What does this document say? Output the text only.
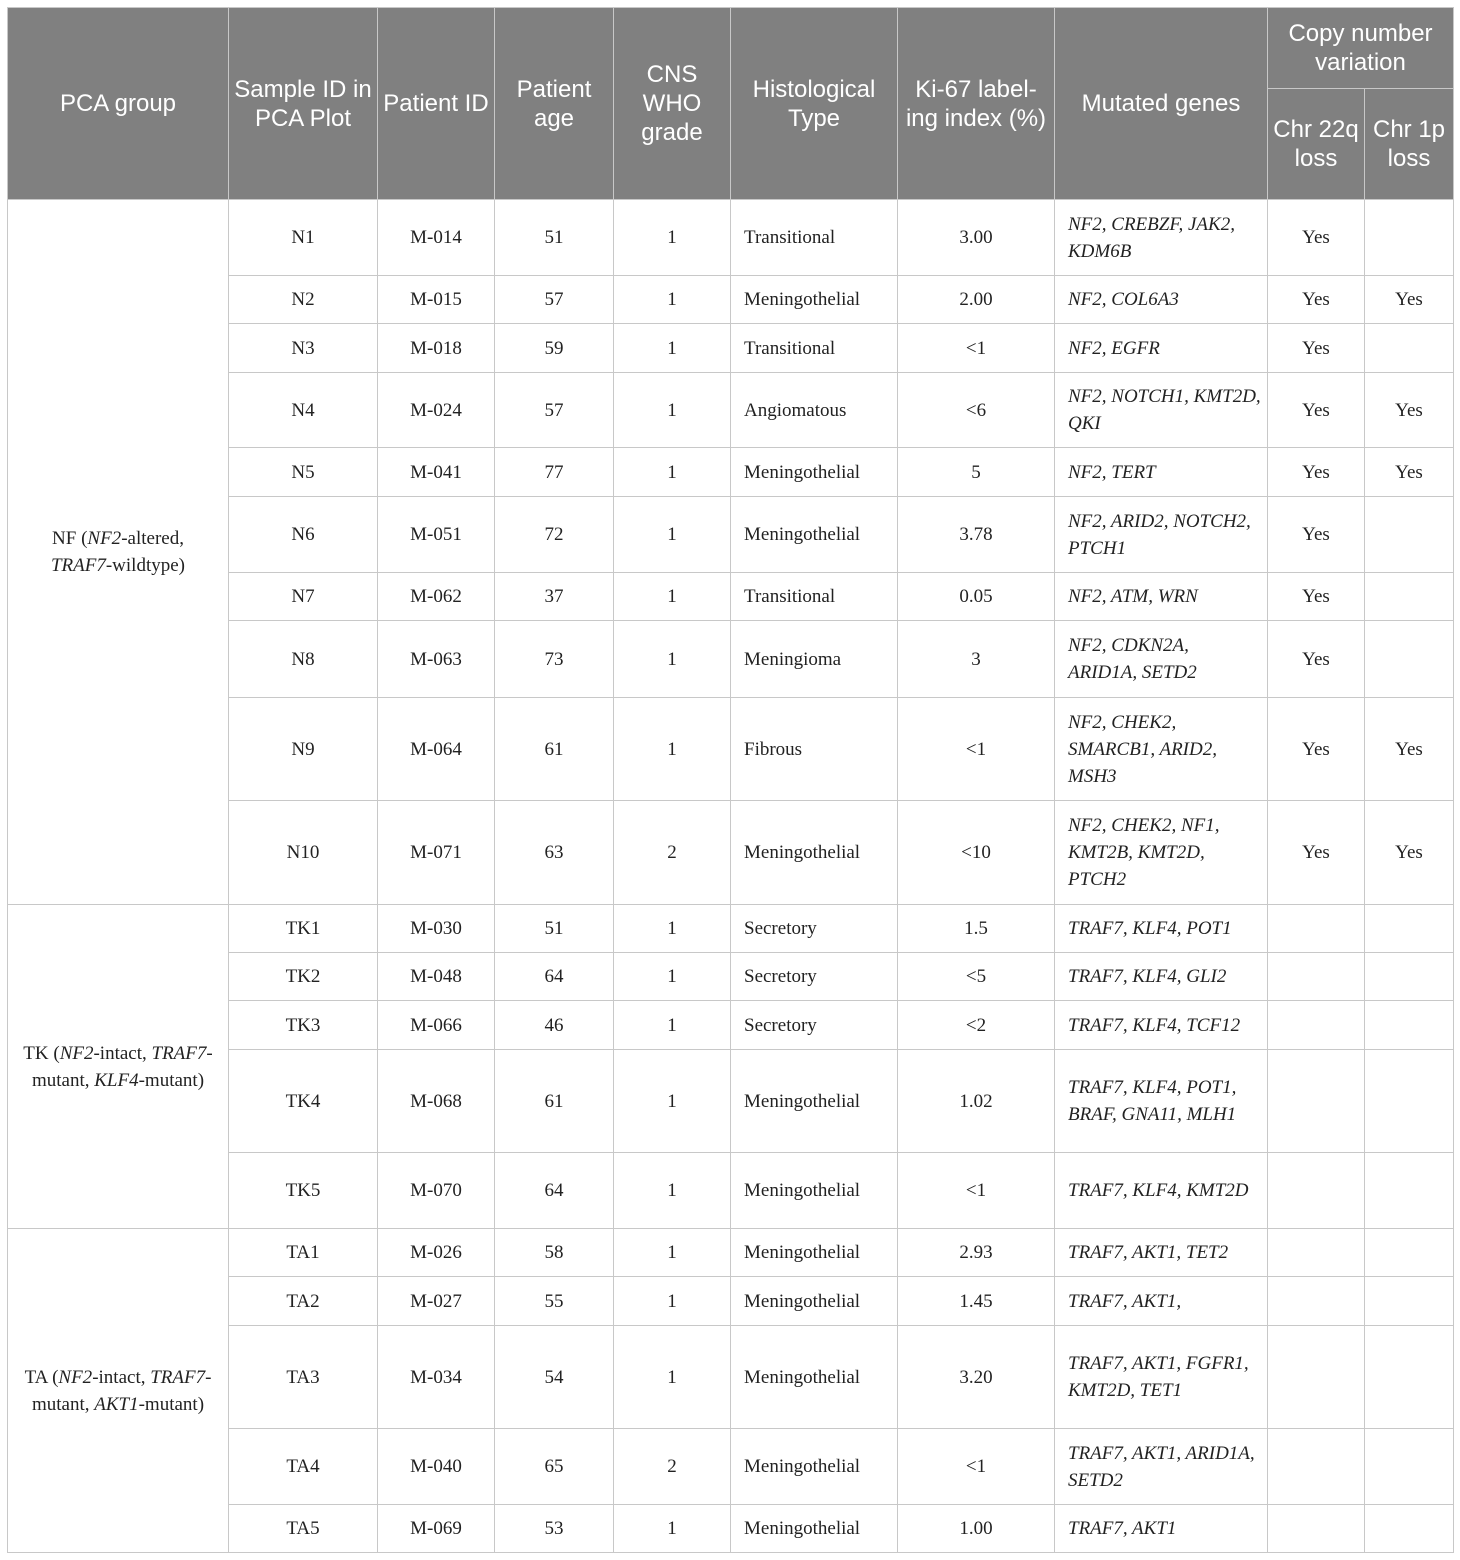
PCA group	Sample ID in PCA Plot	Patient ID	Patient age	CNS WHO grade	Histological Type	Ki-67 label-ing index (%)	Mutated genes	Copy number variation	
								Chr 22q loss	Chr 1p loss
NF (NF2-altered, TRAF7-wildtype)	N1	M-014	51	1	Transitional	3.00	NF2, CREBZF, JAK2, KDM6B	Yes	
	N2	M-015	57	1	Meningothelial	2.00	NF2, COL6A3	Yes	Yes
	N3	M-018	59	1	Transitional	<1	NF2, EGFR	Yes	
	N4	M-024	57	1	Angiomatous	<6	NF2, NOTCH1, KMT2D, QKI	Yes	Yes
	N5	M-041	77	1	Meningothelial	5	NF2, TERT	Yes	Yes
	N6	M-051	72	1	Meningothelial	3.78	NF2, ARID2, NOTCH2, PTCH1	Yes	
	N7	M-062	37	1	Transitional	0.05	NF2, ATM, WRN	Yes	
	N8	M-063	73	1	Meningioma	3	NF2, CDKN2A, ARID1A, SETD2	Yes	
	N9	M-064	61	1	Fibrous	<1	NF2, CHEK2, SMARCB1, ARID2, MSH3	Yes	Yes
	N10	M-071	63	2	Meningothelial	<10	NF2, CHEK2, NF1, KMT2B, KMT2D, PTCH2	Yes	Yes
TK (NF2-intact, TRAF7-mutant, KLF4-mutant)	TK1	M-030	51	1	Secretory	1.5	TRAF7, KLF4, POT1		
	TK2	M-048	64	1	Secretory	<5	TRAF7, KLF4, GLI2		
	TK3	M-066	46	1	Secretory	<2	TRAF7, KLF4, TCF12		
	TK4	M-068	61	1	Meningothelial	1.02	TRAF7, KLF4, POT1, BRAF, GNA11, MLH1		
	TK5	M-070	64	1	Meningothelial	<1	TRAF7, KLF4, KMT2D		
TA (NF2-intact, TRAF7-mutant, AKT1-mutant)	TA1	M-026	58	1	Meningothelial	2.93	TRAF7, AKT1, TET2		
	TA2	M-027	55	1	Meningothelial	1.45	TRAF7, AKT1,		
	TA3	M-034	54	1	Meningothelial	3.20	TRAF7, AKT1, FGFR1, KMT2D, TET1		
	TA4	M-040	65	2	Meningothelial	<1	TRAF7, AKT1, ARID1A, SETD2		
	TA5	M-069	53	1	Meningothelial	1.00	TRAF7, AKT1		
